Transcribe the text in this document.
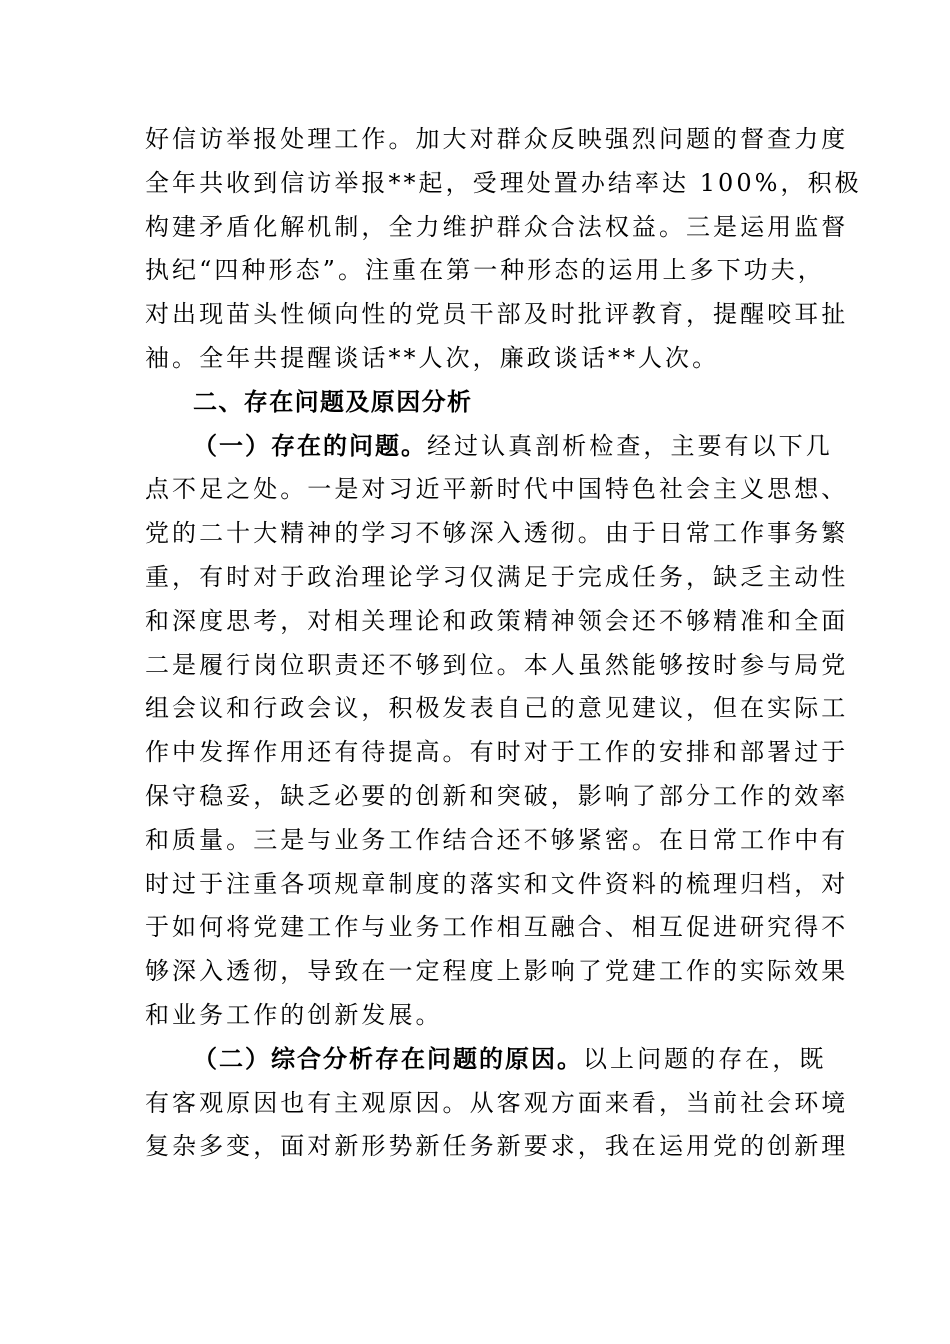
好信访举报处理工作。加大对群众反映强烈问题的督查力度
全年共收到信访举报**起，受理处置办结率达 100%，积极
构建矛盾化解机制，全力维护群众合法权益。三是运用监督
执纪“四种形态”。注重在第一种形态的运用上多下功夫，
对出现苗头性倾向性的党员干部及时批评教育，提醒咬耳扯
袖。全年共提醒谈话**人次，廉政谈话**人次。
二、存在问题及原因分析
（一）存在的问题。经过认真剖析检查，主要有以下几
点不足之处。一是对习近平新时代中国特色社会主义思想、
党的二十大精神的学习不够深入透彻。由于日常工作事务繁
重，有时对于政治理论学习仅满足于完成任务，缺乏主动性
和深度思考，对相关理论和政策精神领会还不够精准和全面
二是履行岗位职责还不够到位。本人虽然能够按时参与局党
组会议和行政会议，积极发表自己的意见建议，但在实际工
作中发挥作用还有待提高。有时对于工作的安排和部署过于
保守稳妥，缺乏必要的创新和突破，影响了部分工作的效率
和质量。三是与业务工作结合还不够紧密。在日常工作中有
时过于注重各项规章制度的落实和文件资料的梳理归档，对
于如何将党建工作与业务工作相互融合、相互促进研究得不
够深入透彻，导致在一定程度上影响了党建工作的实际效果
和业务工作的创新发展。
（二）综合分析存在问题的原因。以上问题的存在，既
有客观原因也有主观原因。从客观方面来看，当前社会环境
复杂多变，面对新形势新任务新要求，我在运用党的创新理
